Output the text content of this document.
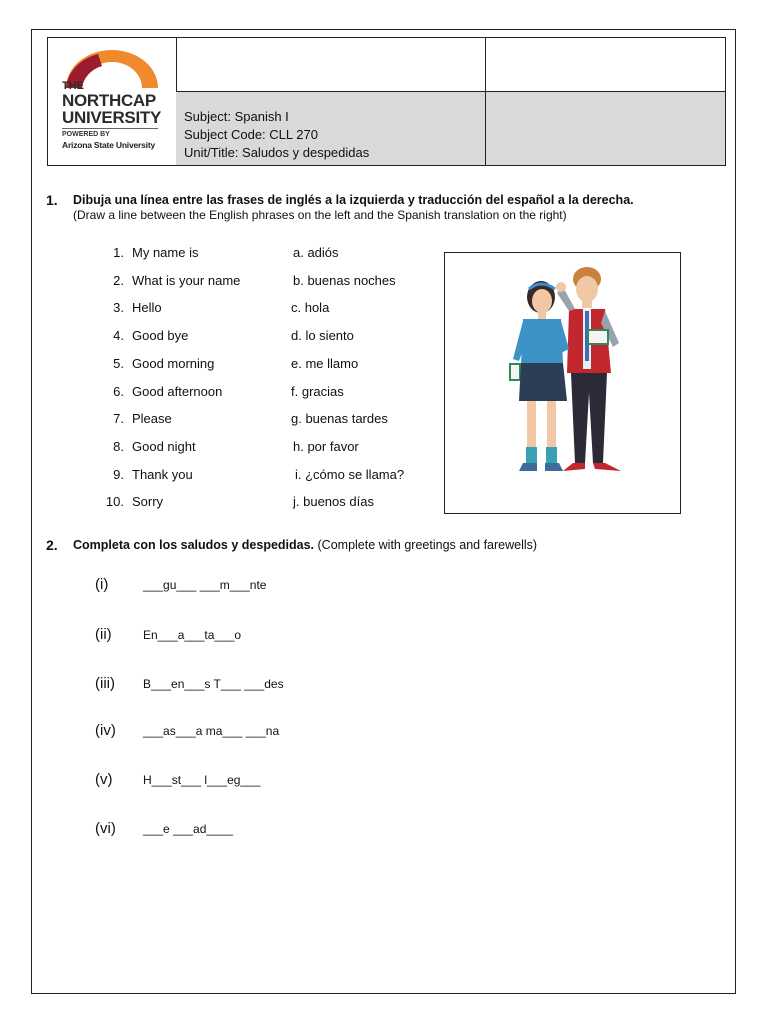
THE
NORTHCAP
UNIVERSITY
POWERED BY
Arizona State University
Subject: Spanish I
Subject Code: CLL 270
Unit/Title: Saludos y despedidas
1. Dibuja una línea entre las frases de inglés a la izquierda y traducción del español a la derecha.
(Draw a line between the English phrases on the left and the Spanish translation on the right)
1. My name is	a. adiós
2. What is your name	b. buenas noches
3. Hello	c. hola
4. Good bye	d. lo siento
5. Good morning	e. me llamo
6. Good afternoon	f. gracias
7. Please	g. buenas tardes
8. Good night	h. por favor
9. Thank you	i. ¿cómo se llama?
10. Sorry	j. buenos días
2. Completa con los saludos y despedidas. (Complete with greetings and farewells)
(i)	___gu___ ___m___nte
(ii)	En___a___ta___o
(iii) B___en___s T___ ___des
(iv) ___as___a ma___ ___na
(v)	H___st___ l___eg___
(vi) ___e ___ad____
